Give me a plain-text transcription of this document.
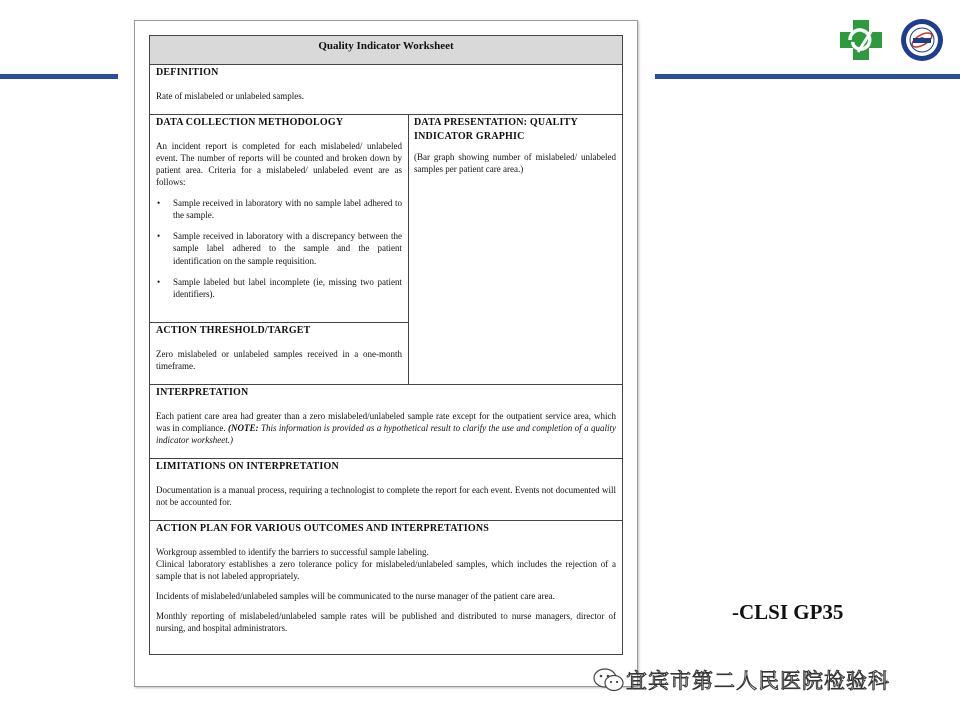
Quality Indicator Worksheet
DEFINITION

Rate of mislabeled or unlabeled samples.

DATA COLLECTION METHODOLOGY

An incident report is completed for each mislabeled/ unlabeled event. The number of reports will be counted and broken down by patient area. Criteria for a mislabeled/ unlabeled event are as follows:

• Sample received in laboratory with no sample label adhered to the sample.
• Sample received in laboratory with a discrepancy between the sample label adhered to the sample and the patient identification on the sample requisition.
• Sample labeled but label incomplete (ie, missing two patient identifiers).
DATA PRESENTATION: QUALITY INDICATOR GRAPHIC

(Bar graph showing number of mislabeled/ unlabeled samples per patient care area.)

ACTION THRESHOLD/TARGET

Zero mislabeled or unlabeled samples received in a one-month timeframe.

INTERPRETATION

Each patient care area had greater than a zero mislabeled/unlabeled sample rate except for the outpatient service area, which was in compliance. (NOTE: This information is provided as a hypothetical result to clarify the use and completion of a quality indicator worksheet.)

LIMITATIONS ON INTERPRETATION

Documentation is a manual process, requiring a technologist to complete the report for each event. Events not documented will not be accounted for.

ACTION PLAN FOR VARIOUS OUTCOMES AND INTERPRETATIONS

Workgroup assembled to identify the barriers to successful sample labeling.
Clinical laboratory establishes a zero tolerance policy for mislabeled/unlabeled samples, which includes the rejection of a sample that is not labeled appropriately.

Incidents of mislabeled/unlabeled samples will be communicated to the nurse manager of the patient care area.

Monthly reporting of mislabeled/unlabeled sample rates will be published and distributed to nurse managers, director of nursing, and hospital administrators.

-CLSI GP35
宜宾市第二人民医院检验科
